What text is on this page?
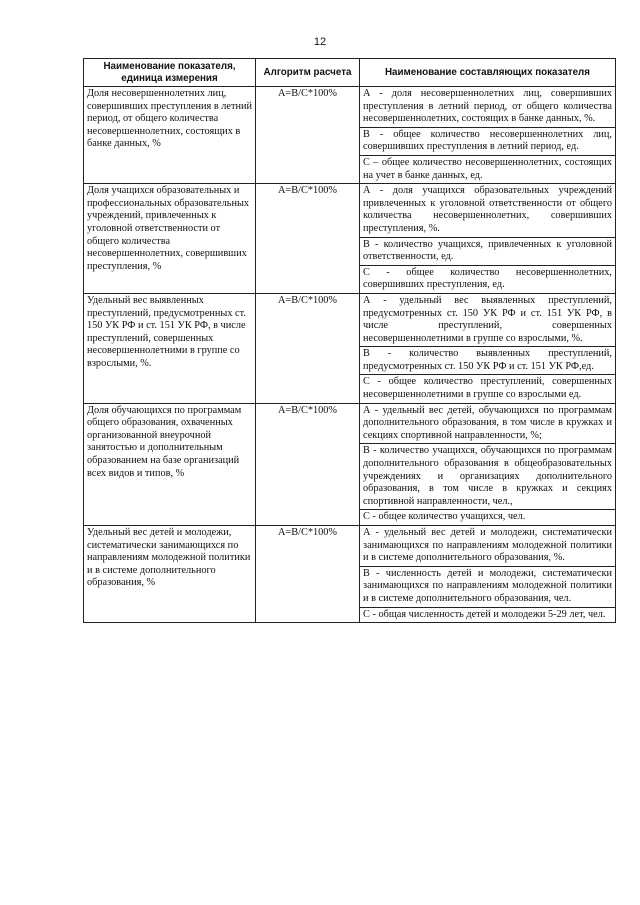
12
Наименование показателя, единица измерения	Алгоритм расчета	Наименование составляющих показателя
Доля несовершеннолетних лиц, совершивших преступления в летний период, от общего количества несовершеннолетних, состоящих в банке данных, %	A=B/C*100%	А - доля несовершеннолетних лиц, совершивших преступления в летний период, от общего количества несовершеннолетних, состоящих в банке данных, %.
		В - общее количество несовершеннолетних лиц, совершивших преступления в летний период, ед.
		С – общее количество несовершеннолетних, состоящих на учет в банке данных, ед.
Доля учащихся образовательных и профессиональных образовательных учреждений, привлеченных к уголовной ответственности от общего количества несовершеннолетних, совершивших преступления, %	A=B/C*100%	А - доля учащихся образовательных учреждений привлеченных к уголовной ответственности от общего количества несовершеннолетних, совершивших преступления, %.
		В - количество учащихся, привлеченных к уголовной ответственности, ед.
		С - общее количество несовершеннолетних, совершивших преступления, ед.
Удельный вес выявленных преступлений, предусмотренных ст. 150 УК РФ и ст. 151 УК РФ, в числе преступлений, совершенных несовершеннолетними в группе со взрослыми, %.	A=B/C*100%	А - удельный вес выявленных преступлений, предусмотренных ст. 150 УК РФ и ст. 151 УК РФ, в числе преступлений, совершенных несовершеннолетними в группе со взрослыми, %.
		В - количество выявленных преступлений, предусмотренных ст. 150 УК РФ и ст. 151 УК РФ,ед.
		С - общее количество преступлений, совершенных несовершеннолетними в группе со взрослыми ед.
Доля обучающихся по программам общего образования, охваченных организованной внеурочной занятостью и дополнительным образованием на базе организаций всех видов и типов, %	A=B/C*100%	А - удельный вес детей, обучающихся по программам дополнительного образования, в том числе в кружках и секциях спортивной направленности, %;
		В - количество учащихся, обучающихся по программам дополнительного образования в общеобразовательных учреждениях и организациях дополнительного образования, в том числе в кружках и секциях спортивной направленности, чел.,
		С - общее количество учащихся, чел.
Удельный вес детей и молодежи, систематически занимающихся по направлениям молодежной политики и в системе дополнительного образования, %	A=B/C*100%	А - удельный вес детей и молодежи, систематически занимающихся по направлениям молодежной политики и в системе дополнительного образования, %.
		В - численность детей и молодежи, систематически занимающихся по направлениям молодежной политики и в системе дополнительного образования, чел.
		С - общая численность детей и молодежи 5-29 лет, чел.
